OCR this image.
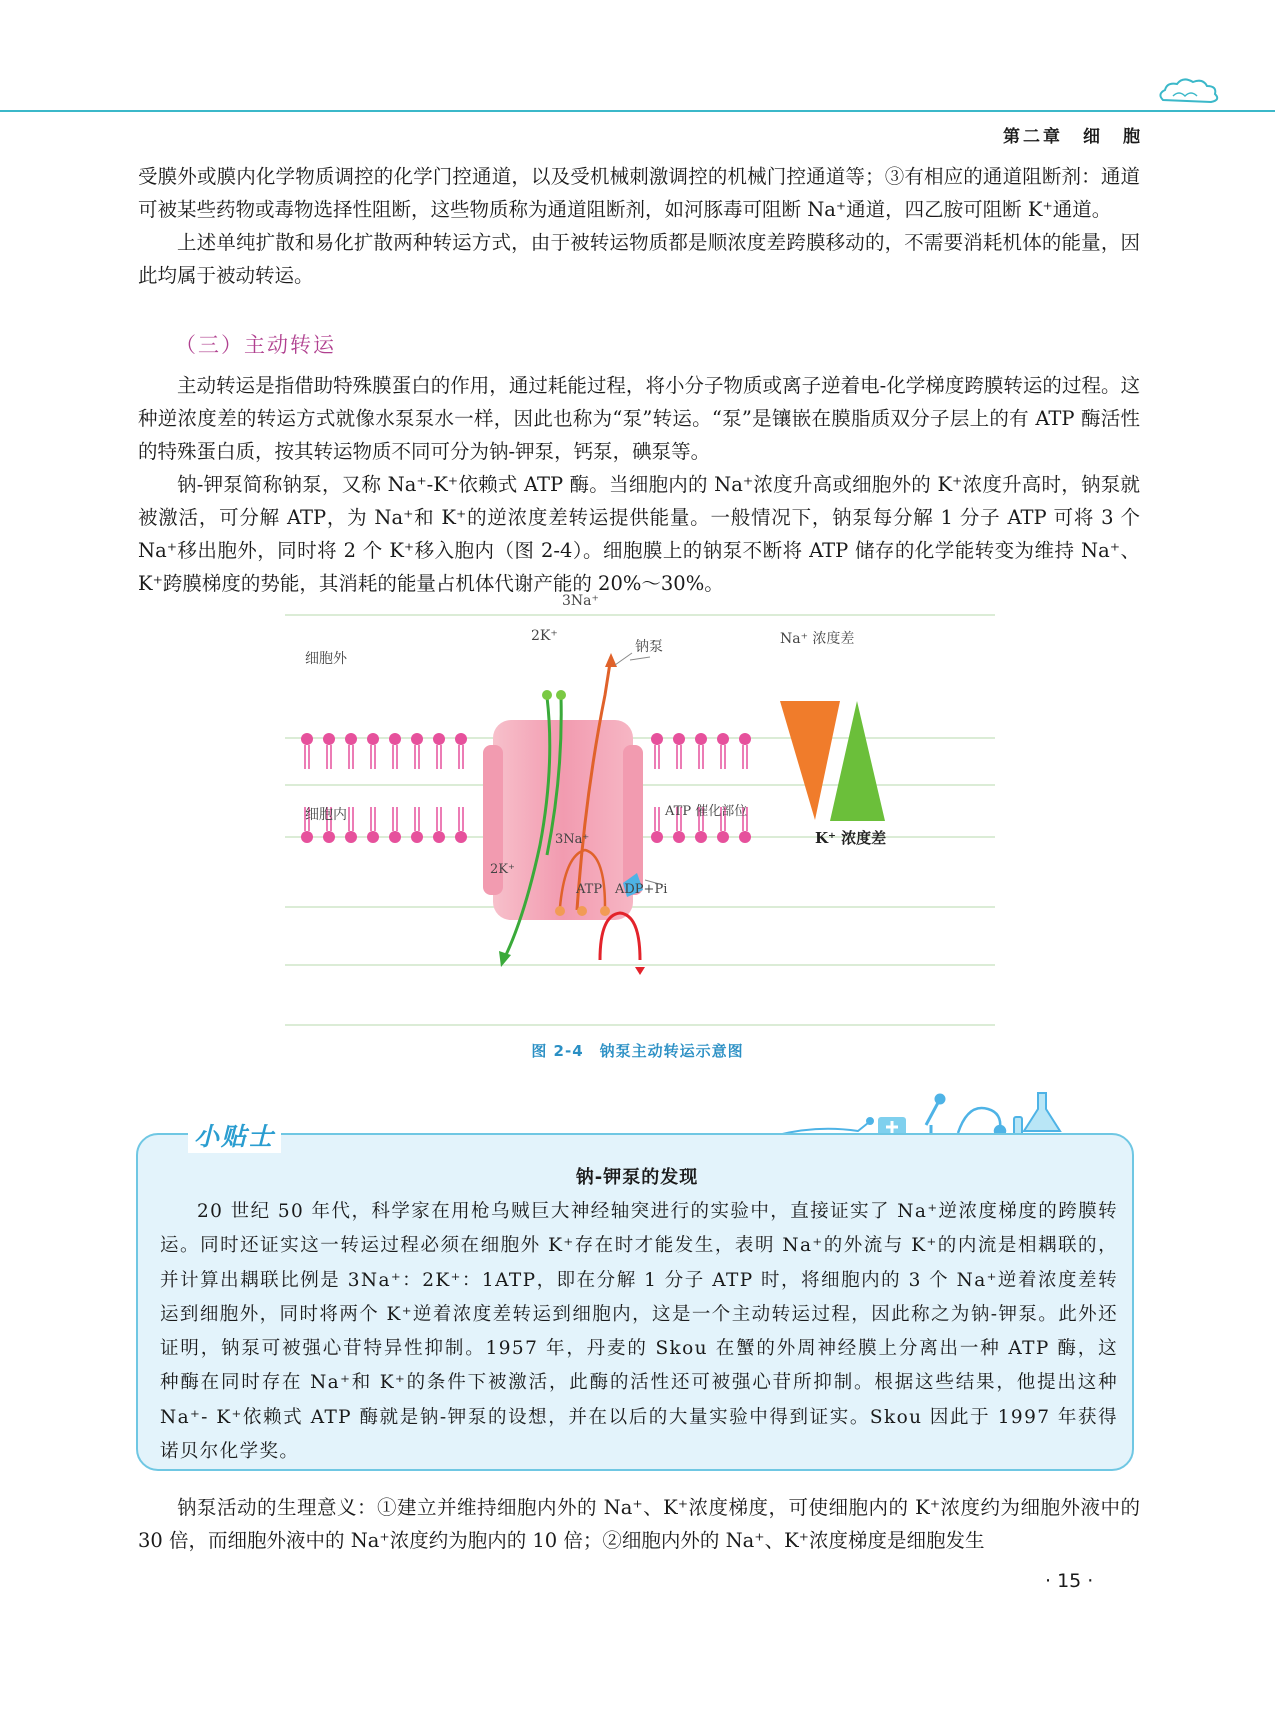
第二章　细　胞

受膜外或膜内化学物质调控的化学门控通道，以及受机械刺激调控的机械门控通道等；③有相应的通道阻断剂：通道可被某些药物或毒物选择性阻断，这些物质称为通道阻断剂，如河豚毒可阻断 Na⁺通道，四乙胺可阻断 K⁺通道。

上述单纯扩散和易化扩散两种转运方式，由于被转运物质都是顺浓度差跨膜移动的，不需要消耗机体的能量，因此均属于被动转运。

（三）主动转运

主动转运是指借助特殊膜蛋白的作用，通过耗能过程，将小分子物质或离子逆着电-化学梯度跨膜转运的过程。这种逆浓度差的转运方式就像水泵泵水一样，因此也称为“泵”转运。“泵”是镶嵌在膜脂质双分子层上的有 ATP 酶活性的特殊蛋白质，按其转运物质不同可分为钠-钾泵，钙泵，碘泵等。

钠-钾泵简称钠泵，又称 Na⁺-K⁺依赖式 ATP 酶。当细胞内的 Na⁺浓度升高或细胞外的 K⁺浓度升高时，钠泵就被激活，可分解 ATP，为 Na⁺和 K⁺的逆浓度差转运提供能量。一般情况下，钠泵每分解 1 分子 ATP 可将 3 个 Na⁺移出胞外，同时将 2 个 K⁺移入胞内（图 2-4）。细胞膜上的钠泵不断将 ATP 储存的化学能转变为维持 Na⁺、K⁺跨膜梯度的势能，其消耗的能量占机体代谢产能的 20%～30%。

细胞外
细胞内
3Na⁺
2K⁺
钠泵	Na⁺ 浓度差
ATP 催化部位
3Na⁺
2K⁺
K⁺ 浓度差
ATP ADP+Pi
图 2-4　钠泵主动转运示意图
小贴士
钠-钾泵的发现

20 世纪 50 年代，科学家在用枪乌贼巨大神经轴突进行的实验中，直接证实了 Na⁺逆浓度梯度的跨膜转运。同时还证实这一转运过程必须在细胞外 K⁺存在时才能发生，表明 Na⁺的外流与 K⁺的内流是相耦联的，并计算出耦联比例是 3Na⁺：2K⁺：1ATP，即在分解 1 分子 ATP 时，将细胞内的 3 个 Na⁺逆着浓度差转运到细胞外，同时将两个 K⁺逆着浓度差转运到细胞内，这是一个主动转运过程，因此称之为钠-钾泵。此外还证明，钠泵可被强心苷特异性抑制。1957 年，丹麦的 Skou 在蟹的外周神经膜上分离出一种 ATP 酶，这种酶在同时存在 Na⁺和 K⁺的条件下被激活，此酶的活性还可被强心苷所抑制。根据这些结果，他提出这种 Na⁺- K⁺依赖式 ATP 酶就是钠-钾泵的设想，并在以后的大量实验中得到证实。Skou 因此于 1997 年获得诺贝尔化学奖。

钠泵活动的生理意义：①建立并维持细胞内外的 Na⁺、K⁺浓度梯度，可使细胞内的 K⁺浓度约为细胞外液中的 30 倍，而细胞外液中的 Na⁺浓度约为胞内的 10 倍；②细胞内外的 Na⁺、K⁺浓度梯度是细胞发生

· 15 ·
